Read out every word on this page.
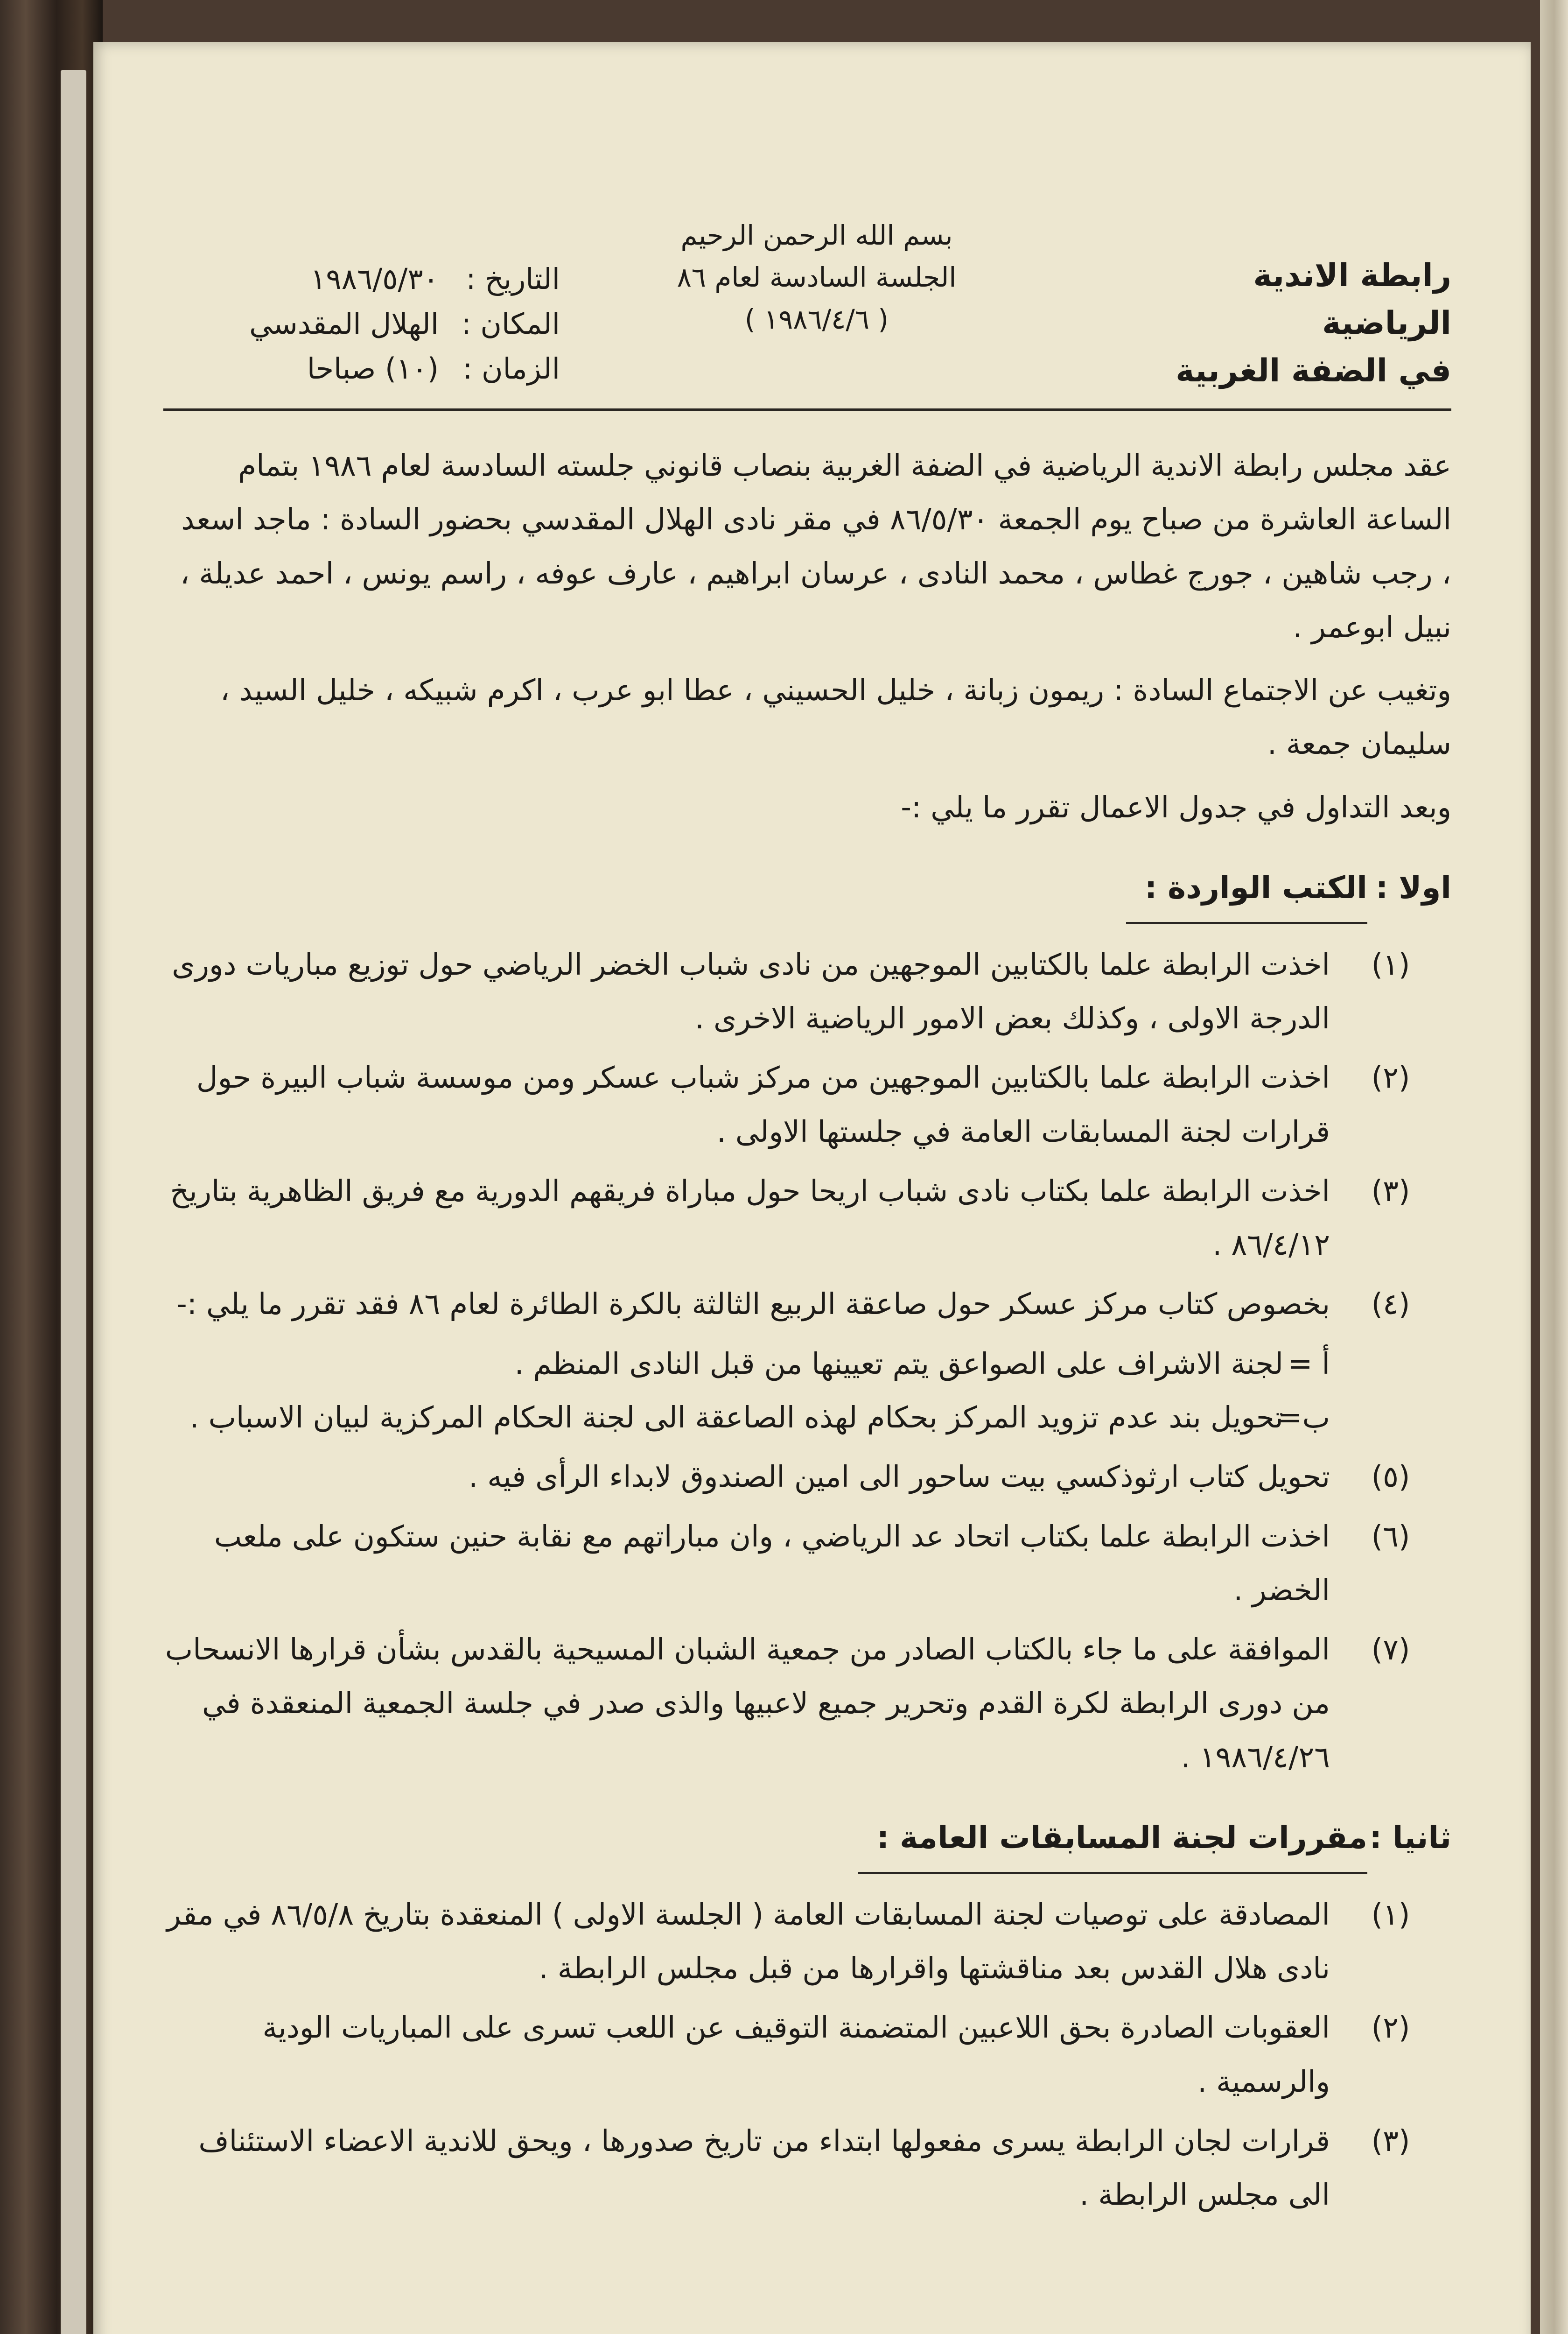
رابطة الاندية الرياضية
في الضفة الغربية
بسم الله الرحمن الرحيم
الجلسة السادسة لعام ٨٦
( ١٩٨٦/٤/٦ )
التاريخ :
١٩٨٦/٥/٣٠
المكان :
الهلال المقدسي
الزمان :
(١٠) صباحا

عقد مجلس رابطة الاندية الرياضية في الضفة الغربية بنصاب قانوني جلسته السادسة لعام ١٩٨٦ بتمام الساعة العاشرة من صباح يوم الجمعة ٨٦/٥/٣٠ في مقر نادى الهلال المقدسي بحضور السادة : ماجد اسعد ، رجب شاهين ، جورج غطاس ، محمد النادى ، عرسان ابراهيم ، عارف عوفه ، راسم يونس ، احمد عديلة ، نبيل ابوعمر .

وتغيب عن الاجتماع السادة : ريمون زبانة ، خليل الحسيني ، عطا ابو عرب ، اكرم شبيكه ، خليل السيد ، سليمان جمعة .

وبعد التداول في جدول الاعمال تقرر ما يلي :-

اولا :
الكتب الواردة :
(١)
اخذت الرابطة علما بالكتابين الموجهين من نادى شباب الخضر الرياضي حول توزيع مباريات دورى الدرجة الاولى ، وكذلك بعض الامور الرياضية الاخرى .
(٢)
اخذت الرابطة علما بالكتابين الموجهين من مركز شباب عسكر ومن موسسة شباب البيرة حول قرارات لجنة المسابقات العامة في جلستها الاولى .
(٣)
اخذت الرابطة علما بكتاب نادى شباب اريحا حول مباراة فريقهم الدورية مع فريق الظاهرية بتاريخ ٨٦/٤/١٢ .
(٤)
بخصوص كتاب مركز عسكر حول صاعقة الربيع الثالثة بالكرة الطائرة لعام ٨٦ فقد تقرر ما يلي :-
أ =
لجنة الاشراف على الصواعق يتم تعيينها من قبل النادى المنظم .
ب=
تحويل بند عدم تزويد المركز بحكام لهذه الصاعقة الى لجنة الحكام المركزية لبيان الاسباب .
(٥)
تحويل كتاب ارثوذكسي بيت ساحور الى امين الصندوق لابداء الرأى فيه .
(٦)
اخذت الرابطة علما بكتاب اتحاد عد الرياضي ، وان مباراتهم مع نقابة حنين ستكون على ملعب الخضر .
(٧)
الموافقة على ما جاء بالكتاب الصادر من جمعية الشبان المسيحية بالقدس بشأن قرارها الانسحاب من دورى الرابطة لكرة القدم وتحرير جميع لاعبيها والذى صدر في جلسة الجمعية المنعقدة في ١٩٨٦/٤/٢٦ .
ثانيا :
مقررات لجنة المسابقات العامة :
(١)
المصادقة على توصيات لجنة المسابقات العامة ( الجلسة الاولى ) المنعقدة بتاريخ ٨٦/٥/٨ في مقر نادى هلال القدس بعد مناقشتها واقرارها من قبل مجلس الرابطة .
(٢)
العقوبات الصادرة بحق اللاعبين المتضمنة التوقيف عن اللعب تسرى على المباريات الودية والرسمية .
(٣)
قرارات لجان الرابطة يسرى مفعولها ابتداء من تاريخ صدورها ، ويحق للاندية الاعضاء الاستئناف الى مجلس الرابطة .
